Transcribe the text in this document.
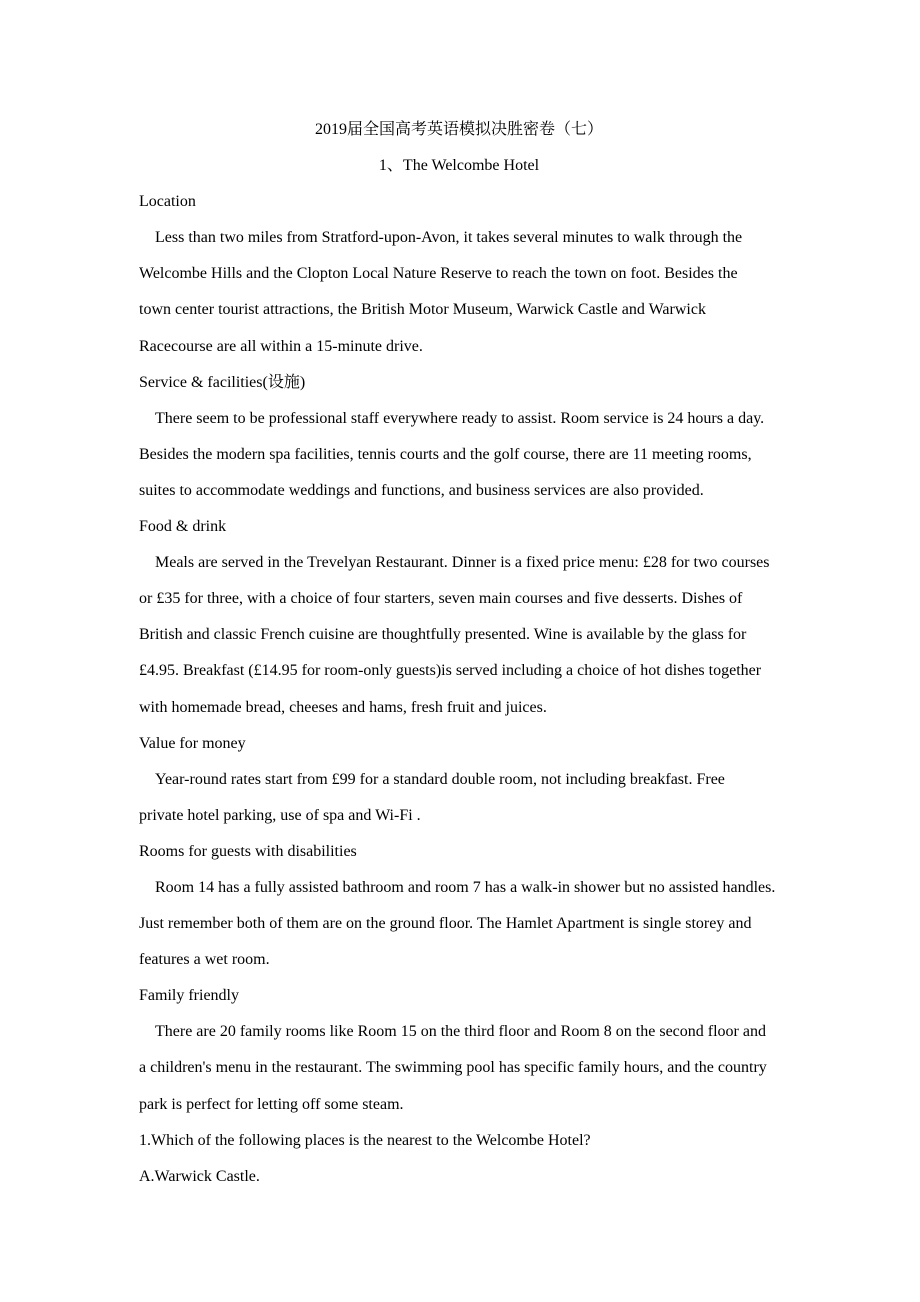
2019届全国高考英语模拟决胜密卷（七）
1、The Welcombe Hotel
Location
Less than two miles from Stratford-upon-Avon, it takes several minutes to walk through the
Welcombe Hills and the Clopton Local Nature Reserve to reach the town on foot. Besides the
town center tourist attractions, the British Motor Museum, Warwick Castle and Warwick
Racecourse are all within a 15-minute drive.
Service & facilities(设施)
There seem to be professional staff everywhere ready to assist. Room service is 24 hours a day.
Besides the modern spa facilities, tennis courts and the golf course, there are 11 meeting rooms,
suites to accommodate weddings and functions, and business services are also provided.
Food & drink
Meals are served in the Trevelyan Restaurant. Dinner is a fixed price menu: £28 for two courses
or £35 for three, with a choice of four starters, seven main courses and five desserts. Dishes of
British and classic French cuisine are thoughtfully presented. Wine is available by the glass for
£4.95. Breakfast (£14.95 for room-only guests)is served including a choice of hot dishes together
with homemade bread, cheeses and hams, fresh fruit and juices.
Value for money
Year-round rates start from £99 for a standard double room, not including breakfast. Free
private hotel parking, use of spa and Wi-Fi .
Rooms for guests with disabilities
Room 14 has a fully assisted bathroom and room 7 has a walk-in shower but no assisted handles.
Just remember both of them are on the ground floor. The Hamlet Apartment is single storey and
features a wet room.
Family friendly
There are 20 family rooms like Room 15 on the third floor and Room 8 on the second floor and
a children's menu in the restaurant. The swimming pool has specific family hours, and the country
park is perfect for letting off some steam.
1.Which of the following places is the nearest to the Welcombe Hotel?
A.Warwick Castle.
